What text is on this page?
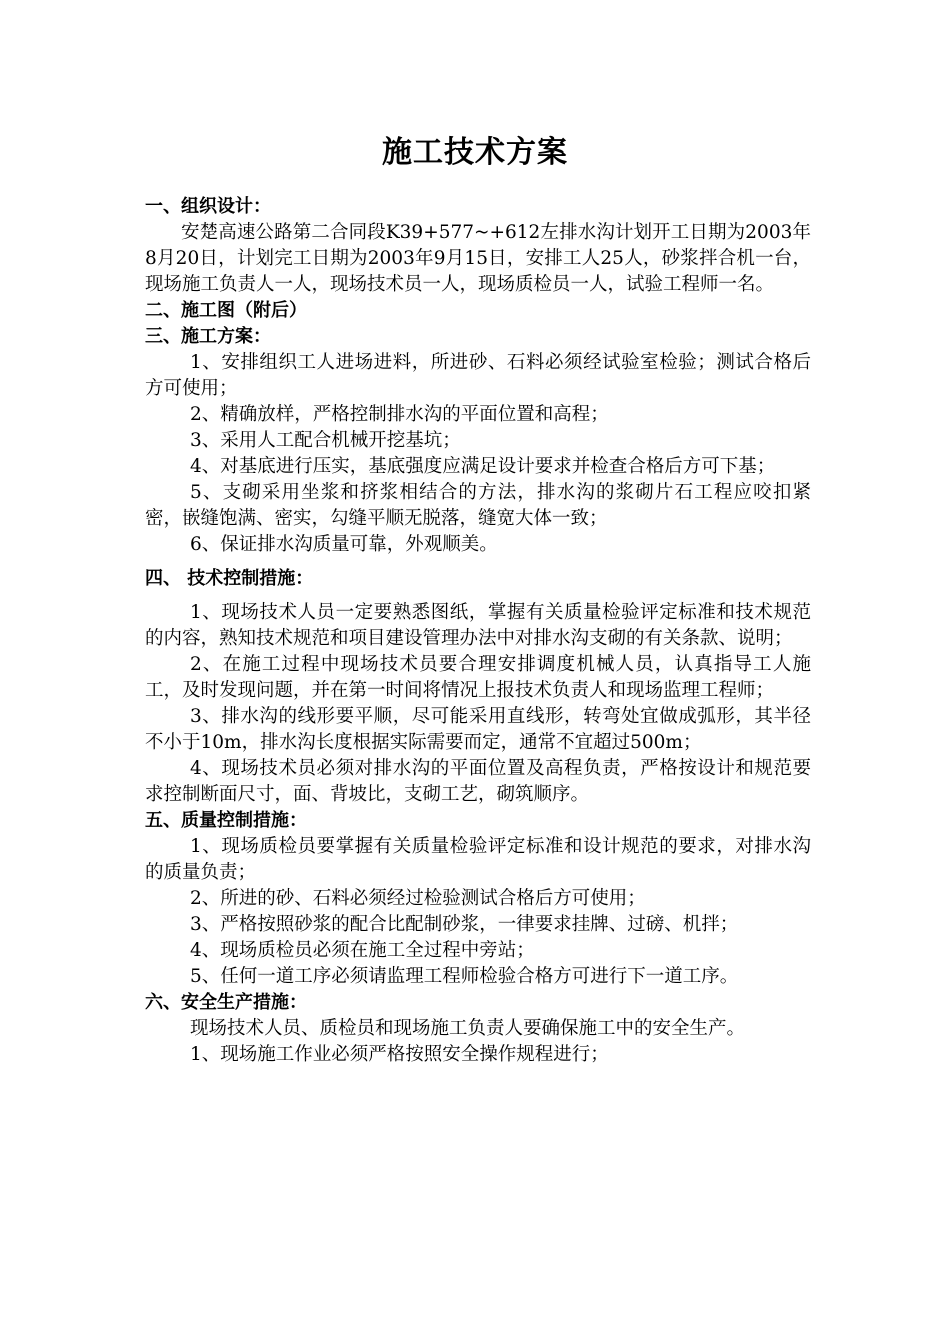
施工技术方案

一、组织设计：

安楚高速公路第二合同段K39+577~+612左排水沟计划开工日期为2003年8月20日，计划完工日期为2003年9月15日，安排工人25人，砂浆拌合机一台，现场施工负责人一人，现场技术员一人，现场质检员一人，试验工程师一名。

二、施工图（附后）

三、施工方案：

1、安排组织工人进场进料，所进砂、石料必须经试验室检验；测试合格后方可使用；

2、精确放样，严格控制排水沟的平面位置和高程；

3、采用人工配合机械开挖基坑；

4、对基底进行压实，基底强度应满足设计要求并检查合格后方可下基；

5、支砌采用坐浆和挤浆相结合的方法，排水沟的浆砌片石工程应咬扣紧密，嵌缝饱满、密实，勾缝平顺无脱落，缝宽大体一致；

6、保证排水沟质量可靠，外观顺美。

四、 技术控制措施：

1、现场技术人员一定要熟悉图纸，掌握有关质量检验评定标准和技术规范的内容，熟知技术规范和项目建设管理办法中对排水沟支砌的有关条款、说明；

2、在施工过程中现场技术员要合理安排调度机械人员，认真指导工人施工，及时发现问题，并在第一时间将情况上报技术负责人和现场监理工程师；

3、排水沟的线形要平顺，尽可能采用直线形，转弯处宜做成弧形，其半径不小于10m，排水沟长度根据实际需要而定，通常不宜超过500m；

4、现场技术员必须对排水沟的平面位置及高程负责，严格按设计和规范要求控制断面尺寸，面、背坡比，支砌工艺，砌筑顺序。

五、质量控制措施：

1、现场质检员要掌握有关质量检验评定标准和设计规范的要求，对排水沟的质量负责；

2、所进的砂、石料必须经过检验测试合格后方可使用；

3、严格按照砂浆的配合比配制砂浆，一律要求挂牌、过磅、机拌；

4、现场质检员必须在施工全过程中旁站；

5、任何一道工序必须请监理工程师检验合格方可进行下一道工序。

六、安全生产措施：

现场技术人员、质检员和现场施工负责人要确保施工中的安全生产。

1、现场施工作业必须严格按照安全操作规程进行；
